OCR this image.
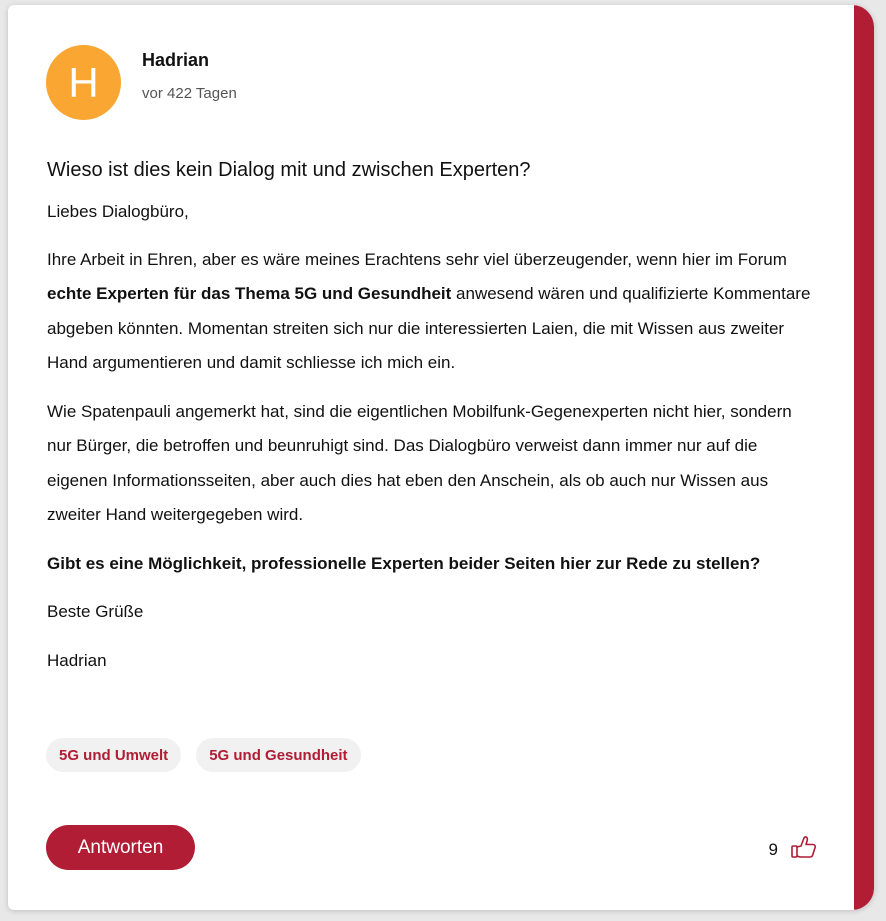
H	Hadrian
vor 422 Tagen
Wieso ist dies kein Dialog mit und zwischen Experten?

Liebes Dialogbüro,

Ihre Arbeit in Ehren, aber es wäre meines Erachtens sehr viel überzeugender, wenn hier im Forum echte Experten für das Thema 5G und Gesundheit anwesend wären und qualifizierte Kommentare abgeben könnten. Momentan streiten sich nur die interessierten Laien, die mit Wissen aus zweiter Hand argumentieren und damit schliesse ich mich ein.

Wie Spatenpauli angemerkt hat, sind die eigentlichen Mobilfunk-Gegenexperten nicht hier, sondern nur Bürger, die betroffen und beunruhigt sind. Das Dialogbüro verweist dann immer nur auf die eigenen Informationsseiten, aber auch dies hat eben den Anschein, als ob auch nur Wissen aus zweiter Hand weitergegeben wird.

Gibt es eine Möglichkeit, professionelle Experten beider Seiten hier zur Rede zu stellen?

Beste Grüße

Hadrian

5G und Umwelt	5G und Gesundheit
Antworten	9
